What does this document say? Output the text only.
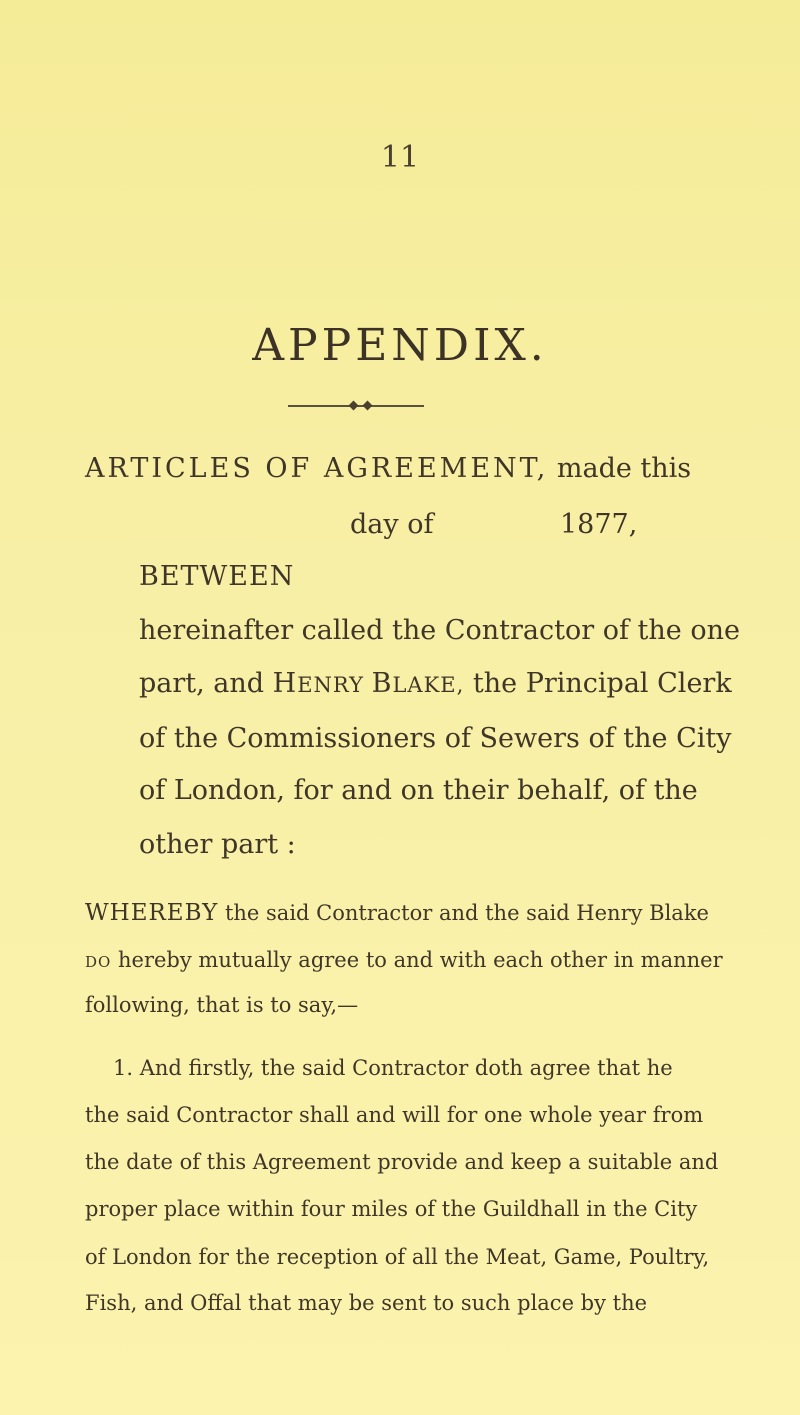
11
APPENDIX.
ARTICLES OF AGREEMENT, made this
day of	1877,
BETWEEN
hereinafter called the Contractor of the one
part, and HENRY BLAKE, the Principal Clerk
of the Commissioners of Sewers of the City
of London, for and on their behalf, of the
other part :
WHEREBY the said Contractor and the said Henry Blake
DO hereby mutually agree to and with each other in manner
following, that is to say,—
1. And firstly, the said Contractor doth agree that he
the said Contractor shall and will for one whole year from
the date of this Agreement provide and keep a suitable and
proper place within four miles of the Guildhall in the City
of London for the reception of all the Meat, Game, Poultry,
Fish, and Offal that may be sent to such place by the
